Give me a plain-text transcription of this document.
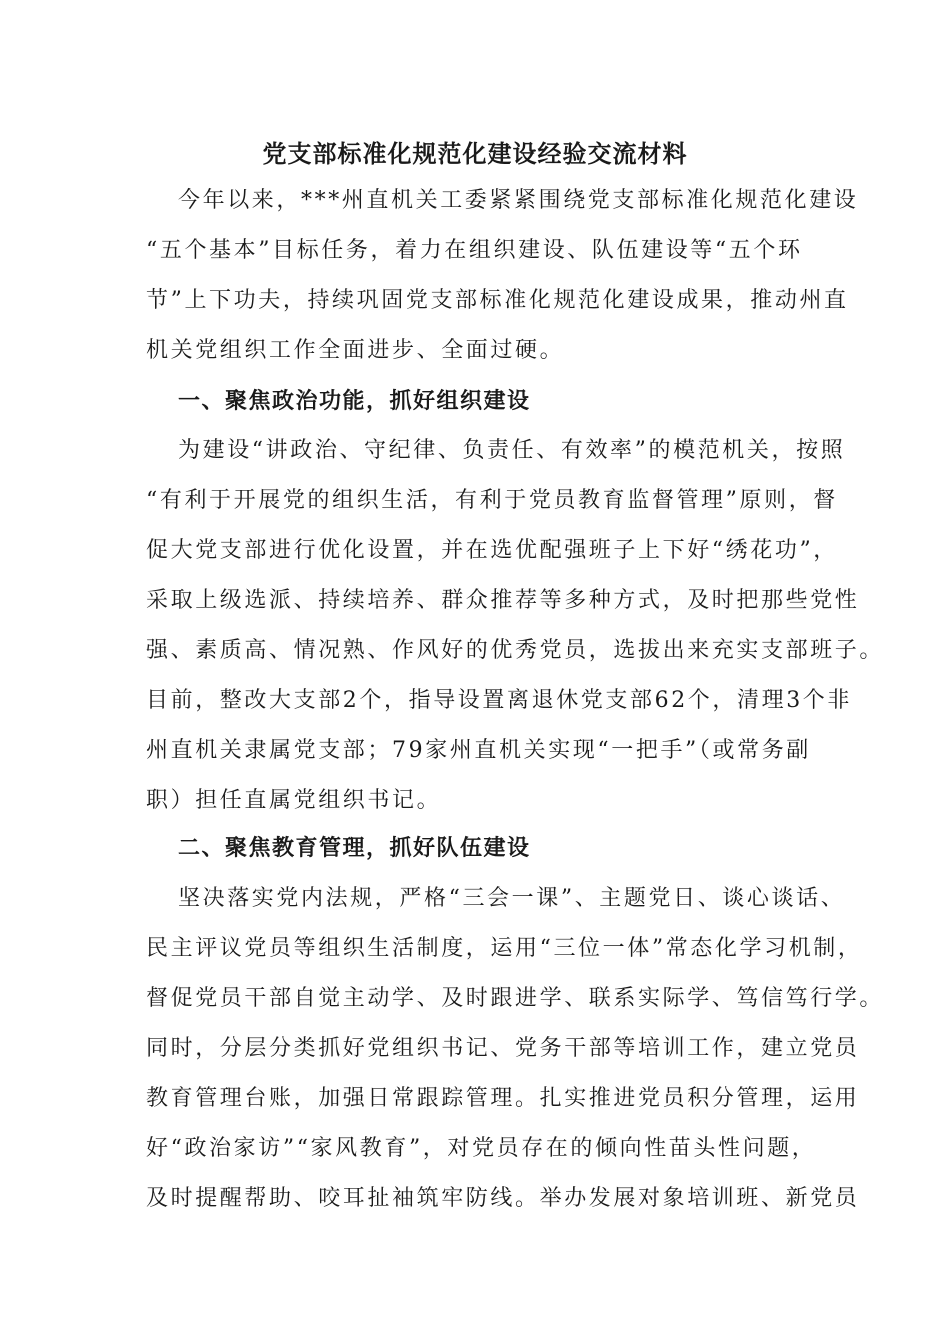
党支部标准化规范化建设经验交流材料
今年以来，***州直机关工委紧紧围绕党支部标准化规范化建设
“五个基本”目标任务，着力在组织建设、队伍建设等“五个环
节”上下功夫，持续巩固党支部标准化规范化建设成果，推动州直
机关党组织工作全面进步、全面过硬。
一、聚焦政治功能，抓好组织建设
为建设“讲政治、守纪律、负责任、有效率”的模范机关，按照
“有利于开展党的组织生活，有利于党员教育监督管理”原则，督
促大党支部进行优化设置，并在选优配强班子上下好“绣花功”，
采取上级选派、持续培养、群众推荐等多种方式，及时把那些党性
强、素质高、情况熟、作风好的优秀党员，选拔出来充实支部班子。
目前，整改大支部2个，指导设置离退休党支部62个，清理3个非
州直机关隶属党支部；79家州直机关实现“一把手”（或常务副
职）担任直属党组织书记。
二、聚焦教育管理，抓好队伍建设
坚决落实党内法规，严格“三会一课”、主题党日、谈心谈话、
民主评议党员等组织生活制度，运用“三位一体”常态化学习机制，
督促党员干部自觉主动学、及时跟进学、联系实际学、笃信笃行学。
同时，分层分类抓好党组织书记、党务干部等培训工作，建立党员
教育管理台账，加强日常跟踪管理。扎实推进党员积分管理，运用
好“政治家访”“家风教育”，对党员存在的倾向性苗头性问题，
及时提醒帮助、咬耳扯袖筑牢防线。举办发展对象培训班、新党员
